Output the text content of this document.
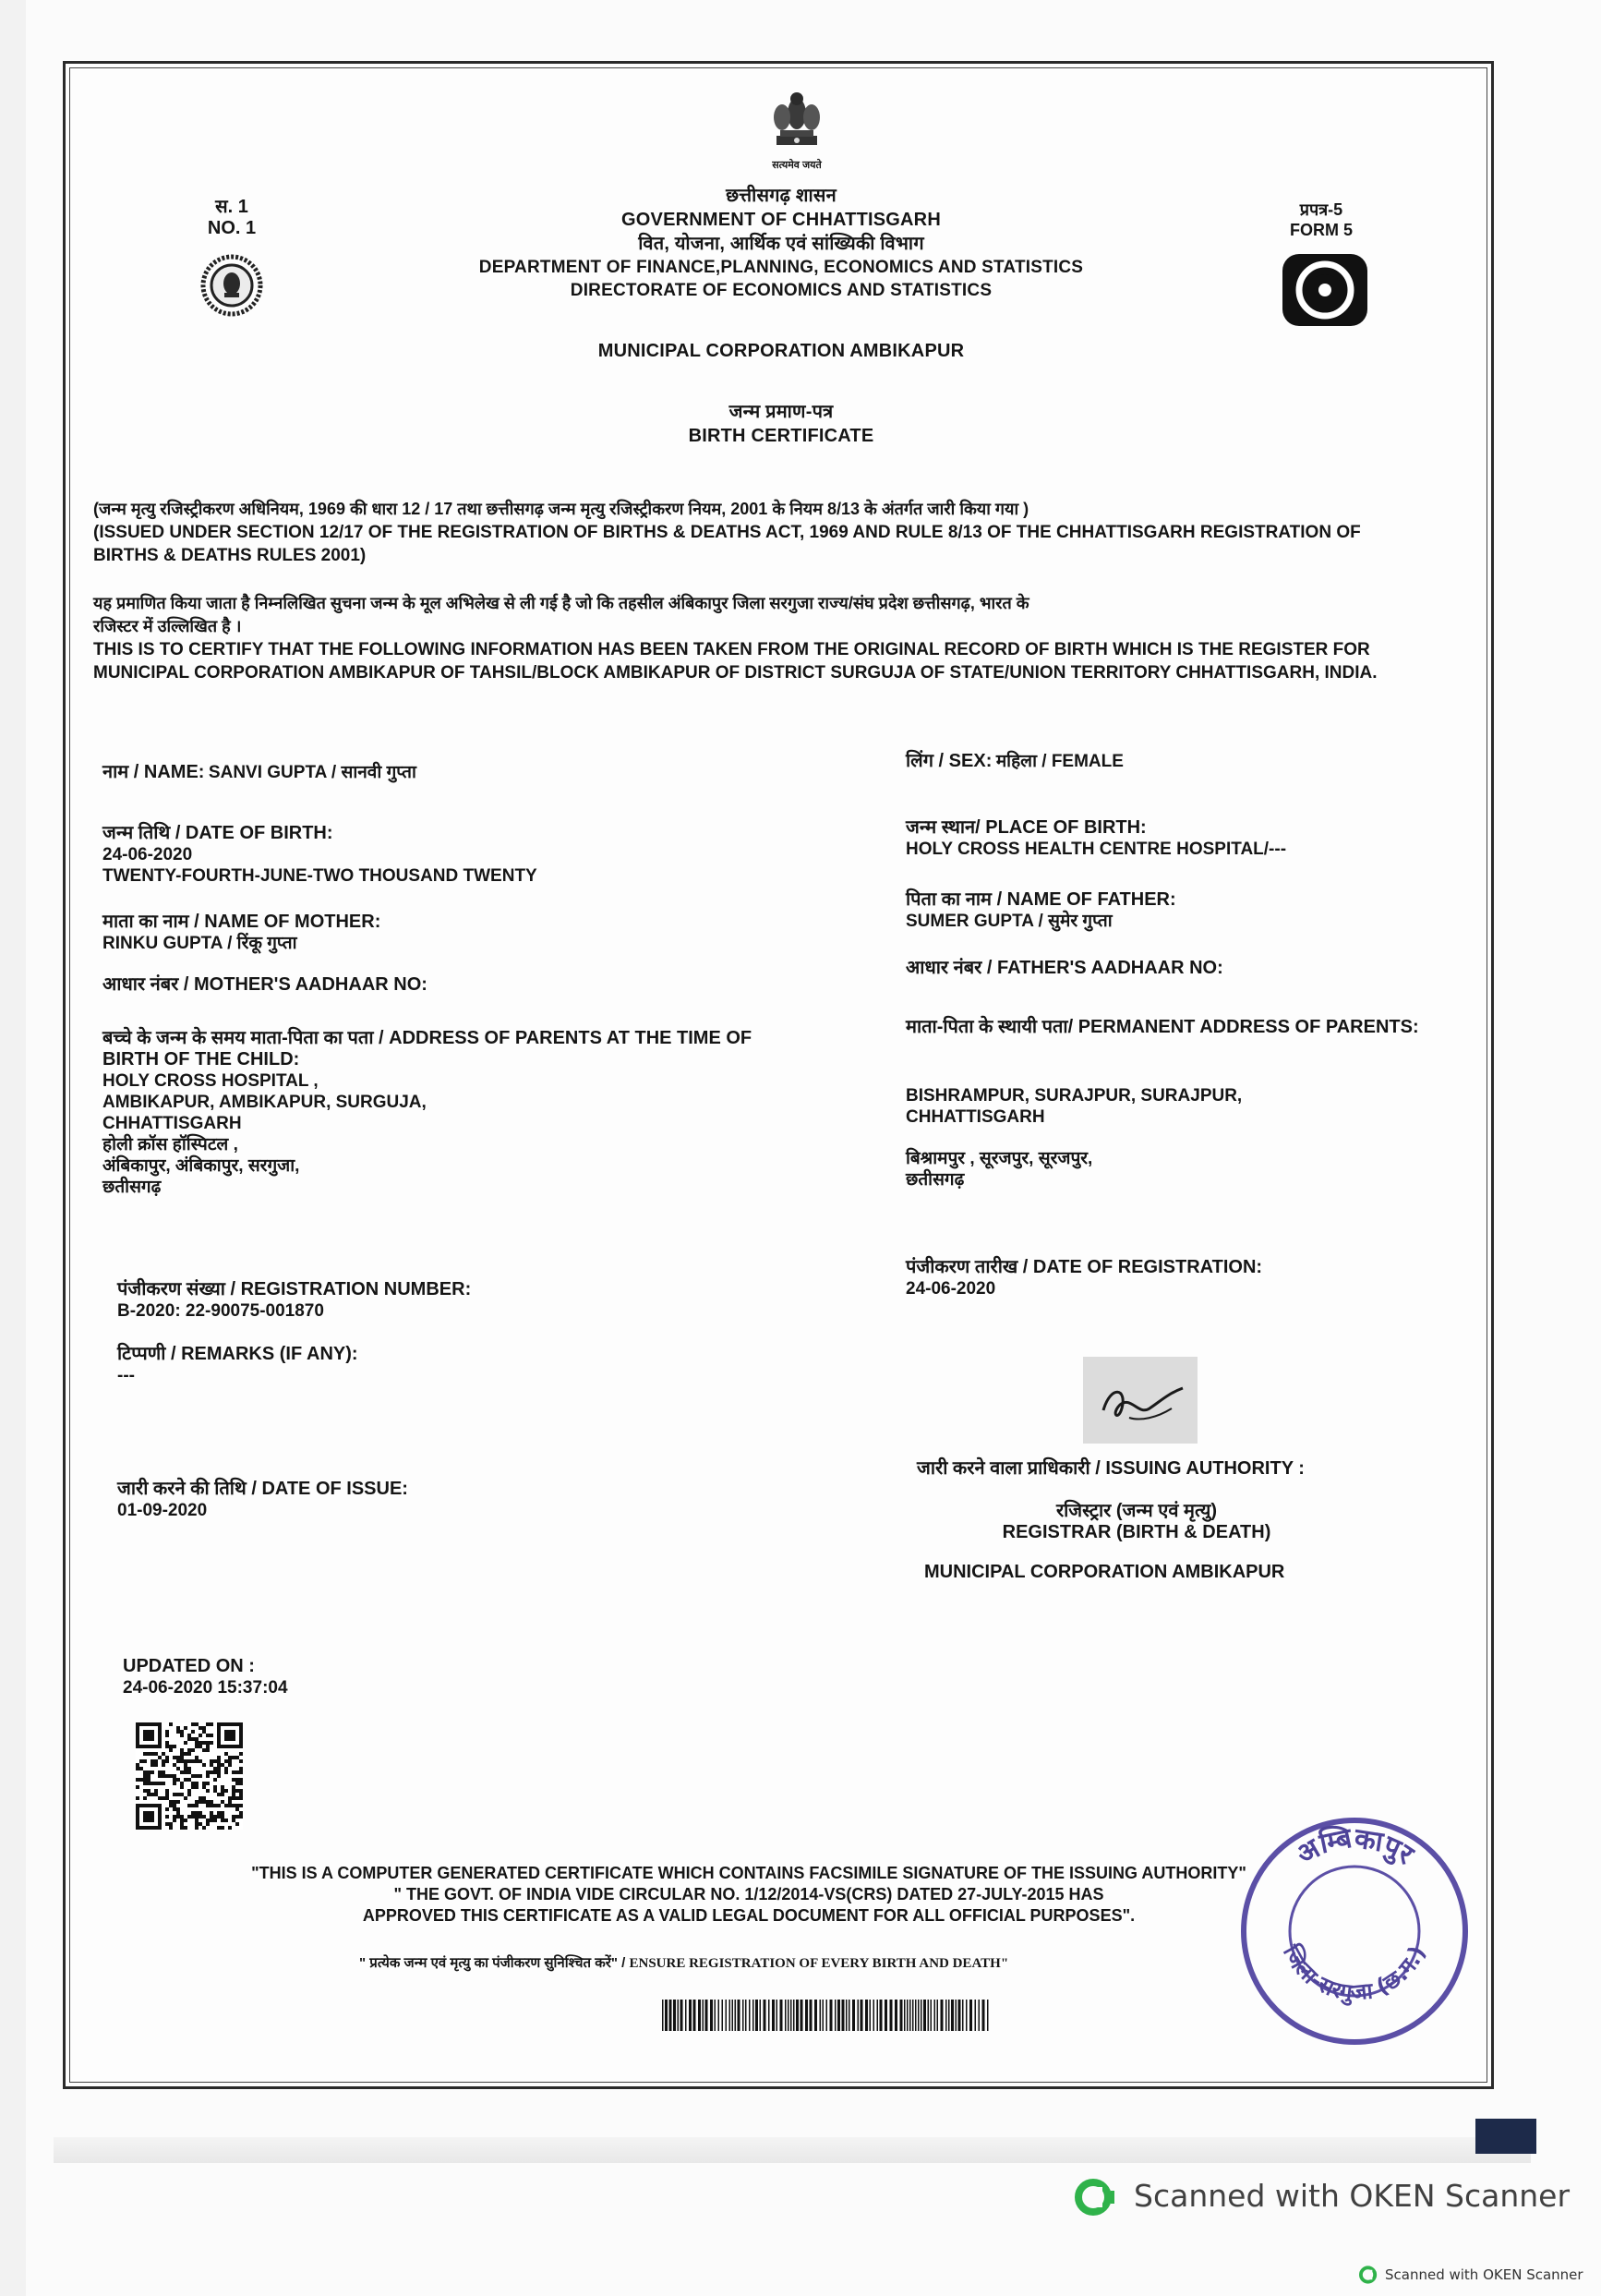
सत्यमेव जयते
स. 1
NO. 1
प्रपत्र-5
FORM 5
छत्तीसगढ़ शासन
GOVERNMENT OF CHHATTISGARH
वित, योजना, आर्थिक एवं सांख्यिकी विभाग
DEPARTMENT OF FINANCE,PLANNING, ECONOMICS AND STATISTICS
DIRECTORATE OF ECONOMICS AND STATISTICS
MUNICIPAL CORPORATION AMBIKAPUR
जन्म प्रमाण-पत्र
BIRTH CERTIFICATE
(जन्म मृत्यु रजिस्ट्रीकरण अधिनियम, 1969 की धारा 12 / 17 तथा छत्तीसगढ़ जन्म मृत्यु रजिस्ट्रीकरण नियम, 2001 के नियम 8/13 के अंतर्गत जारी किया गया )
(ISSUED UNDER SECTION 12/17 OF THE REGISTRATION OF BIRTHS & DEATHS ACT, 1969 AND RULE 8/13 OF THE CHHATTISGARH REGISTRATION OF
BIRTHS & DEATHS RULES 2001)
यह प्रमाणित किया जाता है निम्नलिखित सुचना जन्म के मूल अभिलेख से ली गई है जो कि तहसील अंबिकापुर जिला सरगुजा राज्य/संघ प्रदेश छत्तीसगढ़, भारत के
रजिस्टर में उल्लिखित है ।
THIS IS TO CERTIFY THAT THE FOLLOWING INFORMATION HAS BEEN TAKEN FROM THE ORIGINAL RECORD OF BIRTH WHICH IS THE REGISTER FOR
MUNICIPAL CORPORATION AMBIKAPUR OF TAHSIL/BLOCK AMBIKAPUR OF DISTRICT SURGUJA OF STATE/UNION TERRITORY CHHATTISGARH, INDIA.
नाम / NAME: SANVI GUPTA / सानवी गुप्ता
जन्म तिथि / DATE OF BIRTH:
24-06-2020
TWENTY-FOURTH-JUNE-TWO THOUSAND TWENTY
माता का नाम / NAME OF MOTHER:
RINKU GUPTA / रिंकू गुप्ता
आधार नंबर / MOTHER'S AADHAAR NO:
बच्चे के जन्म के समय माता-पिता का पता / ADDRESS OF PARENTS AT THE TIME OF
BIRTH OF THE CHILD:
HOLY CROSS HOSPITAL ,
AMBIKAPUR, AMBIKAPUR, SURGUJA,
CHHATTISGARH
होली क्रॉस हॉस्पिटल ,
अंबिकापुर, अंबिकापुर, सरगुजा,
छतीसगढ़
पंजीकरण संख्या / REGISTRATION NUMBER:
B-2020: 22-90075-001870
टिप्पणी / REMARKS (IF ANY):
---
जारी करने की तिथि / DATE OF ISSUE:
01-09-2020
UPDATED ON :
24-06-2020 15:37:04
लिंग / SEX: महिला / FEMALE
जन्म स्थान/ PLACE OF BIRTH:
HOLY CROSS HEALTH CENTRE HOSPITAL/---
पिता का नाम / NAME OF FATHER:
SUMER GUPTA / सुमेर गुप्ता
आधार नंबर / FATHER'S AADHAAR NO:
माता-पिता के स्थायी पता/ PERMANENT ADDRESS OF PARENTS:
BISHRAMPUR, SURAJPUR, SURAJPUR,
CHHATTISGARH
बिश्रामपुर , सूरजपुर, सूरजपुर,
छतीसगढ़
पंजीकरण तारीख / DATE OF REGISTRATION:
24-06-2020
जारी करने वाला प्राधिकारी / ISSUING AUTHORITY :
रजिस्ट्रार (जन्म एवं मृत्यु)
REGISTRAR (BIRTH & DEATH)
MUNICIPAL CORPORATION AMBIKAPUR
"THIS IS A COMPUTER GENERATED CERTIFICATE WHICH CONTAINS FACSIMILE SIGNATURE OF THE ISSUING AUTHORITY"
" THE GOVT. OF INDIA VIDE CIRCULAR NO. 1/12/2014-VS(CRS) DATED 27-JULY-2015 HAS
APPROVED THIS CERTIFICATE AS A VALID LEGAL DOCUMENT FOR ALL OFFICIAL PURPOSES".
" प्रत्येक जन्म एवं मृत्यु का पंजीकरण सुनिश्चित करें" / ENSURE REGISTRATION OF EVERY BIRTH AND DEATH"
अम्बिकापुर
जिला-सरगुजा (छ.ग.)
Scanned with OKEN Scanner
Scanned with OKEN Scanner
